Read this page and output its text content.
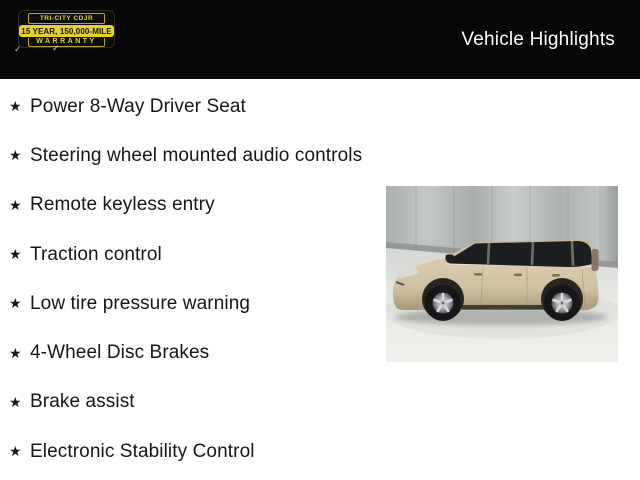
TRI-CITY CDJR
15 YEAR, 150,000-MILE
WARRANTY
✓	✓	Vehicle Highlights
★ Power 8-Way Driver Seat
★ Steering wheel mounted audio controls
★ Remote keyless entry
★ Traction control
★ Low tire pressure warning
★ 4-Wheel Disc Brakes
★ Brake assist
★ Electronic Stability Control
